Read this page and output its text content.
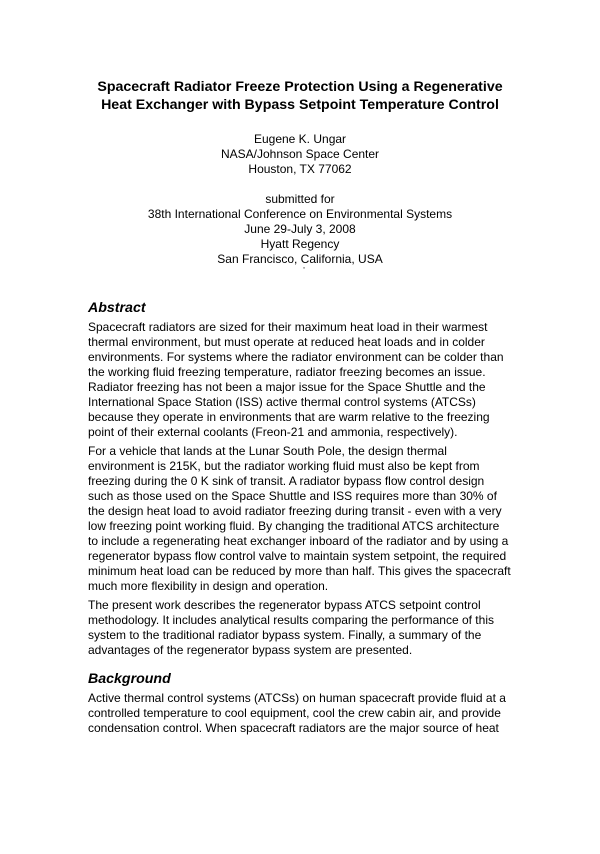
Spacecraft Radiator Freeze Protection Using a Regenerative
Heat Exchanger with Bypass Setpoint Temperature Control
Eugene K. Ungar
NASA/Johnson Space Center
Houston, TX 77062
submitted for
38th International Conference on Environmental Systems
June 29-July 3, 2008
Hyatt Regency
San Francisco, California, USA
'
Abstract

Spacecraft radiators are sized for their maximum heat load in their warmest thermal environment, but must operate at reduced heat loads and in colder environments. For systems where the radiator environment can be colder than the working fluid freezing temperature, radiator freezing becomes an issue. Radiator freezing has not been a major issue for the Space Shuttle and the International Space Station (ISS) active thermal control systems (ATCSs) because they operate in environments that are warm relative to the freezing point of their external coolants (Freon-21 and ammonia, respectively).

For a vehicle that lands at the Lunar South Pole, the design thermal environment is 215K, but the radiator working fluid must also be kept from freezing during the 0 K sink of transit. A radiator bypass flow control design such as those used on the Space Shuttle and ISS requires more than 30% of the design heat load to avoid radiator freezing during transit - even with a very low freezing point working fluid. By changing the traditional ATCS architecture to include a regenerating heat exchanger inboard of the radiator and by using a regenerator bypass flow control valve to maintain system setpoint, the required minimum heat load can be reduced by more than half. This gives the spacecraft much more flexibility in design and operation.

The present work describes the regenerator bypass ATCS setpoint control methodology. It includes analytical results comparing the performance of this system to the traditional radiator bypass system. Finally, a summary of the advantages of the regenerator bypass system are presented.

Background

Active thermal control systems (ATCSs) on human spacecraft provide fluid at a controlled temperature to cool equipment, cool the crew cabin air, and provide condensation control. When spacecraft radiators are the major source of heat
